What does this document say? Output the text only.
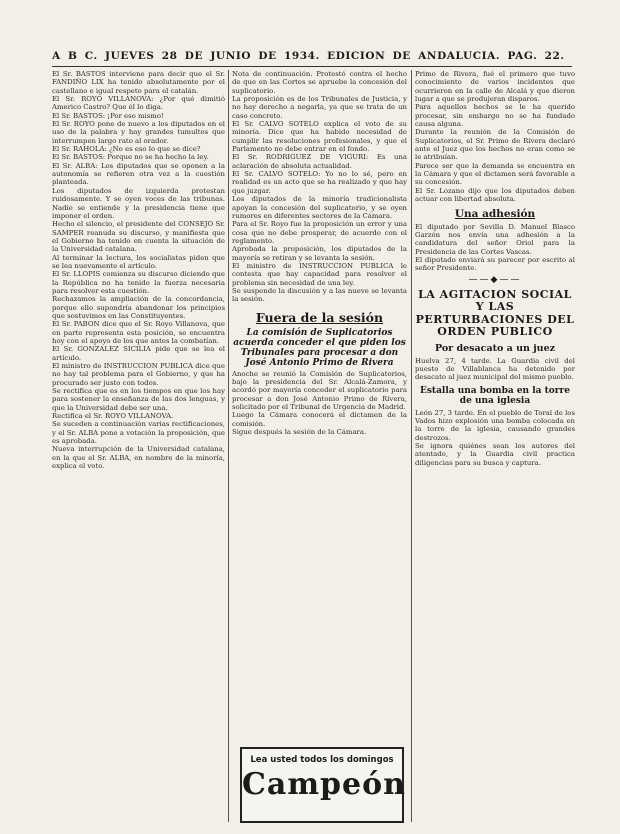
A B C. JUEVES 28 DE JUNIO DE 1934. EDICION DE ANDALUCIA. PAG. 22.

El Sr. BASTOS interviene para decir que el Sr. FANDIÑO LIX ha tenido absolutamente por el castellano e igual respeto para el catalán.

El Sr. ROYO VILLANOVA: ¿Por qué dimitió Americo Castro? Que él lo diga.

El Sr. BASTOS: ¡Por eso mismo!

El Sr. ROYO pone de nuevo a los diputados en el uso de la palabra y hay grandes tumultos que interrumpen largo rato al orador.

El Sr. RAHOLA: ¿No es eso lo que se dice?

El Sr. BASTOS: Porque no se ha hecho la ley.

El Sr. ALBA: Los diputados que se oponen a la autonomía se refieren otra vez a la cuestión planteada.

Los diputados de izquierda protestan ruidosamente. Y se oyen voces de las tribunas. Nadie se entiende y la presidencia tiene que imponer el orden.

Hecho el silencio, el presidente del CONSEJO Sr. SAMPER reanuda su discurso, y manifiesta que el Gobierno ha tenido en cuenta la situación de la Universidad catalana.

Al terminar la lectura, los socialistas piden que se lea nuevamente el artículo.

El Sr. LLOPIS comienza su discurso diciendo que la República no ha tenido la fuerza necesaria para resolver esta cuestión.

Rechazamos la ampliación de la concordancia, porque ello supondría abandonar los principios que sostuvimos en las Constituyentes.

El Sr. PABON dice que el Sr. Royo Villanova, que en parte representa esta posición, se encuentra hoy con el apoyo de los que antes la combatían.

El Sr. GONZALEZ SICILIA pide que se lea el artículo.

El ministro de INSTRUCCION PUBLICA dice que no hay tal problema para el Gobierno, y que ha procurado ser justo con todos.

Se rectifica que es en los tiempos en que los hay para sostener la enseñanza de las dos lenguas, y que la Universidad debe ser una.

Rectifica el Sr. ROYO VILLANOVA.

Se suceden a continuación varias rectificaciones, y el Sr. ALBA pone a votación la proposición, que es aprobada.

Nueva interrupción de la Universidad catalana, en la que el Sr. ALBA, en nombre de la minoría, explica el voto.

Nota de continuación. Protestó contra el hecho de que en las Cortes se apruebe la concesión del suplicatorio.

La proposición es de los Tribunales de Justicia, y no hay derecho a negarla, ya que se trata de un caso concreto.

El Sr. CALVO SOTELO explica el voto de su minoría. Dice que ha habido necesidad de cumplir las resoluciones profesionales, y que el Parlamento no debe entrar en el fondo.

El Sr. RODRIGUEZ DE VIGURI: Es una aclaración de absoluta actualidad.

El Sr. CALVO SOTELO: Yo no lo sé, pero en realidad es un acto que se ha realizado y que hay que juzgar.

Los diputados de la minoría tradicionalista apoyan la concesión del suplicatorio, y se oyen rumores en diferentes sectores de la Cámara.

Para el Sr. Royo fue la proposición un error y una cosa que no debe prosperar, de acuerdo con el reglamento.

Aprobada la proposición, los diputados de la mayoría se retiran y se levanta la sesión.

El ministro de INSTRUCCION PUBLICA le contesta que hay capacidad para resolver el problema sin necesidad de una ley.

Se suspende la discusión y a las nueve se levanta la sesión.

Fuera de la sesión
La comisión de Suplicatorios acuerda conceder el que piden los Tribunales para procesar a don José Antonio Primo de Rivera

Anoche se reunió la Comisión de Suplicatorios, bajo la presidencia del Sr. Alcalá-Zamora, y acordó por mayoría conceder el suplicatorio para procesar a don José Antonio Primo de Rivera, solicitado por el Tribunal de Urgencia de Madrid.

Luego la Cámara conocerá el dictamen de la comisión.

Sigue después la sesión de la Cámara.

Lea usted todos los domingos
Campeón

Primo de Rivera, fué el primero que tuvo conocimiento de varios incidentes que ocurrieron en la calle de Alcalá y que dieron lugar a que se produjeran disparos.

Para aquellos hechos se le ha querido procesar, sin embargo no se ha fundado causa alguna.

Durante la reunión de la Comisión de Suplicatorios, el Sr. Primo de Rivera declaró ante el Juez que los hechos no eran como se le atribuían.

Parece ser que la demanda se encuentra en la Cámara y que el dictamen será favorable a su concesión.

El Sr. Lozano dijo que los diputados deben actuar con libertad absoluta.

Una adhesión

El diputado por Sevilla D. Manuel Blasco Garzón nos envía una adhesión a la candidatura del señor Oriol para la Presidencia de las Cortes Vascas.

El diputado enviará su parecer por escrito al señor Presidente.

——◆——
LA AGITACION SOCIAL Y LAS PERTURBACIONES DEL ORDEN PUBLICO
Por desacato a un juez

Huelva 27, 4 tarde. La Guardia civil del puesto de Villablanca ha detenido por desacato al juez municipal del mismo pueblo.

Estalla una bomba en la torre de una iglesia

León 27, 3 tarde. En el pueblo de Toral de los Vados hizo explosión una bomba colocada en la torre de la iglesia, causando grandes destrozos.

Se ignora quiénes sean los autores del atentado, y la Guardia civil practica diligencias para su busca y captura.
